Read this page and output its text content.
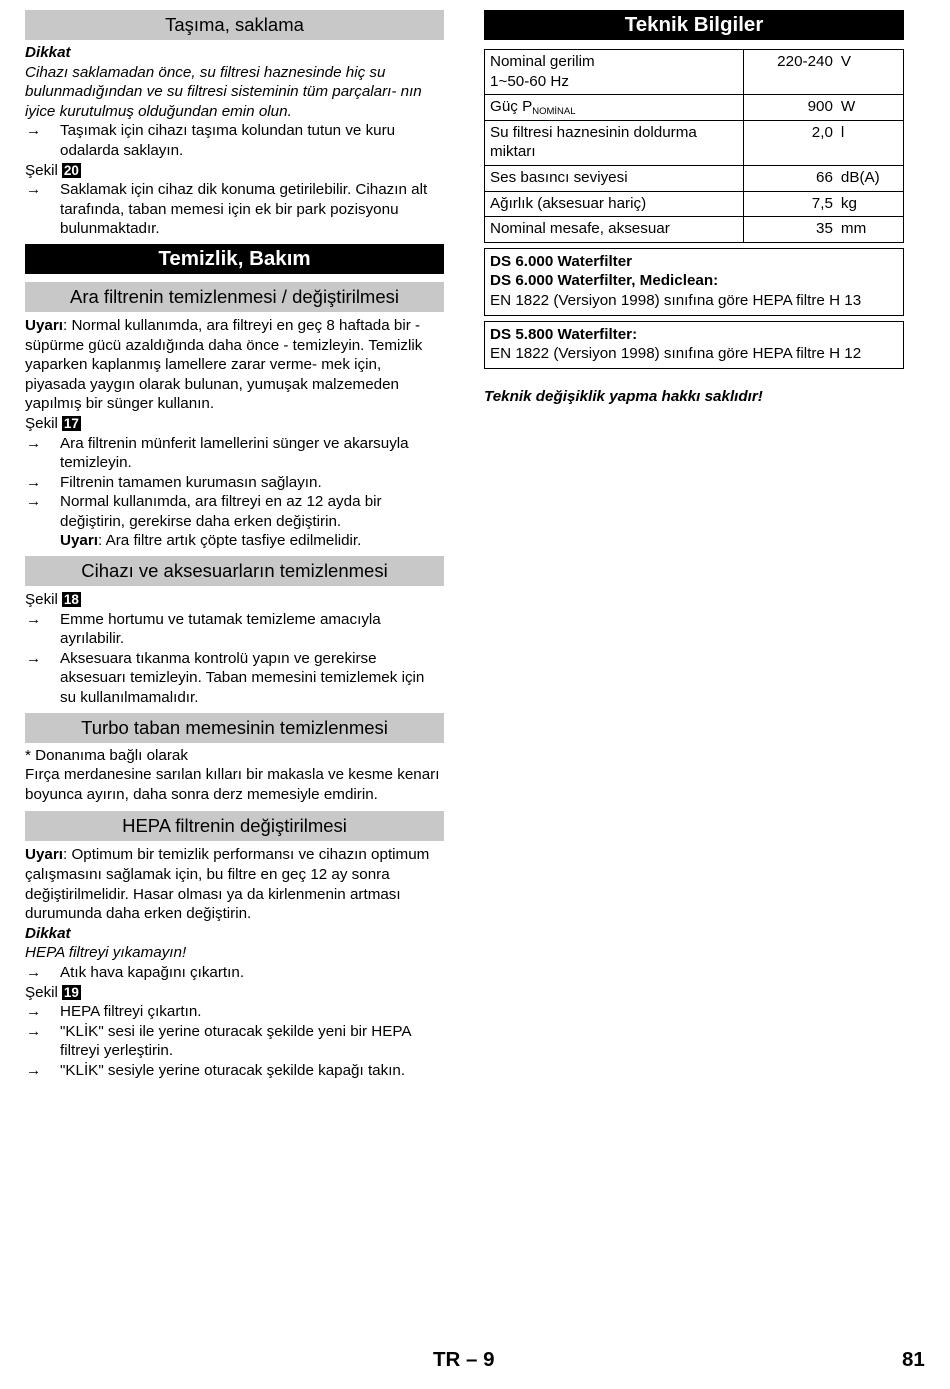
Taşıma, saklama

Dikkat

Cihazı saklamadan önce, su filtresi haznesinde hiç su bulunmadığından ve su filtresi sisteminin tüm parçaları- nın iyice kurutulmuş olduğundan emin olun.

→ Taşımak için cihazı taşıma kolundan tutun ve kuru odalarda saklayın.

Şekil 20

→ Saklamak için cihaz dik konuma getirilebilir. Cihazın alt tarafında, taban memesi için ek bir park pozisyonu bulunmaktadır.
Temizlik, Bakım
Ara filtrenin temizlenmesi / değiştirilmesi

Uyarı: Normal kullanımda, ara filtreyi en geç 8 haftada bir - süpürme gücü azaldığında daha önce - temizleyin. Temizlik yaparken kaplanmış lamellere zarar verme- mek için, piyasada yaygın olarak bulunan, yumuşak malzemeden yapılmış bir sünger kullanın.

Şekil 17

→ Ara filtrenin münferit lamellerini sünger ve akarsuyla temizleyin.
→ Filtrenin tamamen kurumasın sağlayın.
→ Normal kullanımda, ara filtreyi en az 12 ayda bir değiştirin, gerekirse daha erken değiştirin.
Uyarı: Ara filtre artık çöpte tasfiye edilmelidir.
Cihazı ve aksesuarların temizlenmesi

Şekil 18

→ Emme hortumu ve tutamak temizleme amacıyla ayrılabilir.
→ Aksesuara tıkanma kontrolü yapın ve gerekirse aksesuarı temizleyin. Taban memesini temizlemek için su kullanılmamalıdır.
Turbo taban memesinin temizlenmesi

* Donanıma bağlı olarak

Fırça merdanesine sarılan kılları bir makasla ve kesme kenarı boyunca ayırın, daha sonra derz memesiyle emdirin.

HEPA filtrenin değiştirilmesi

Uyarı: Optimum bir temizlik performansı ve cihazın optimum çalışmasını sağlamak için, bu filtre en geç 12 ay sonra değiştirilmelidir. Hasar olması ya da kirlenmenin artması durumunda daha erken değiştirin.

Dikkat

HEPA filtreyi yıkamayın!

→ Atık hava kapağını çıkartın.

Şekil 19

→ HEPA filtreyi çıkartın.
→ "KLİK" sesi ile yerine oturacak şekilde yeni bir HEPA filtreyi yerleştirin.
→ "KLİK" sesiyle yerine oturacak şekilde kapağı takın.
Teknik Bilgiler
Nominal gerilim
1~50-60 Hz	220-240	V
Güç $P_{NOMİNAL}$	900	W
Su filtresi haznesinin doldurma miktarı	2,0	l
Ses basıncı seviyesi	66	dB(A)
Ağırlık (aksesuar hariç)	7,5	kg
Nominal mesafe, aksesuar	35	mm

DS 6.000 Waterfilter

DS 6.000 Waterfilter, Mediclean:

EN 1822 (Versiyon 1998) sınıfına göre HEPA filtre H 13

DS 5.800 Waterfilter:

EN 1822 (Versiyon 1998) sınıfına göre HEPA filtre H 12

Teknik değişiklik yapma hakkı saklıdır!

TR – 9	81
